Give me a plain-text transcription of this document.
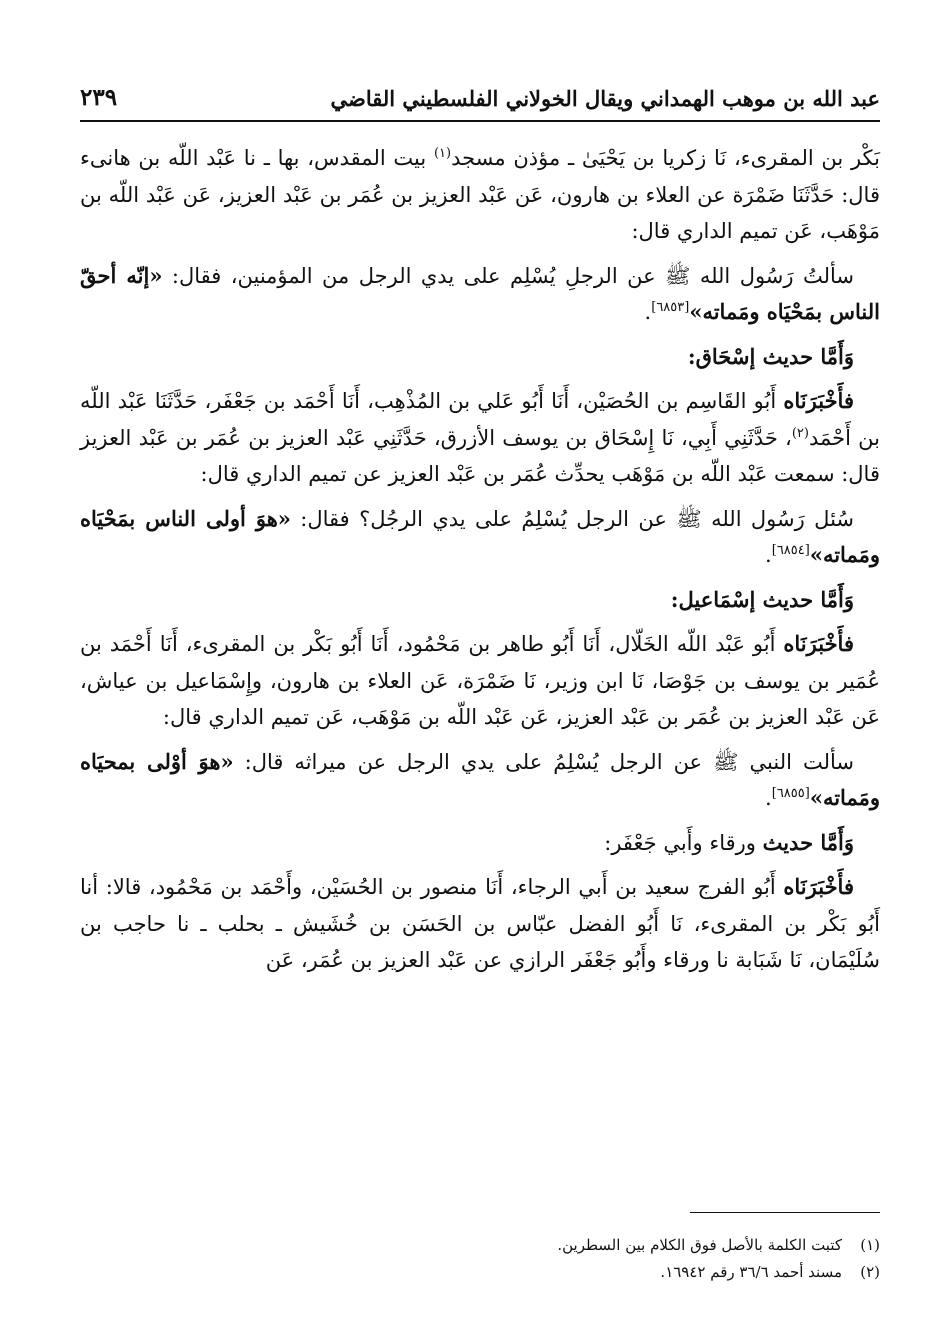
عبد الله بن موهب الهمداني ويقال الخولاني الفلسطيني القاضي
٢٣٩

بَكْر بن المقرىء، نَا زكريا بن يَحْيَىٰ ـ مؤذن مسجد$^{(١)}$ بيت المقدس، بها ـ نا عَبْد اللّه بن هانىء قال: حَدَّثَنَا ضَمْرَة عن العلاء بن هارون، عَن عَبْد العزيز بن عُمَر بن عَبْد العزيز، عَن عَبْد اللّه بن مَوْهَب، عَن تميم الداري قال:

سألتُ رَسُول الله ﷺ عن الرجلِ يُسْلِم على يدي الرجل من المؤمنين، فقال: «إنّه أحقّ الناس بمَحْيَاه ومَماته»[٦٨٥٣].

وَأَمَّا حديث إسْحَاق:

فأَخْبَرَنَاه أَبُو القَاسِم بن الحُصَيْن، أَنَا أَبُو عَلي بن المُذْهِب، أَنَا أَحْمَد بن جَعْفَر، حَدَّثَنَا عَبْد اللّه بن أَحْمَد$^{(٢)}$، حَدَّثَنِي أَبِي، نَا إِسْحَاق بن يوسف الأزرق، حَدَّثَنِي عَبْد العزيز بن عُمَر بن عَبْد العزيز قال: سمعت عَبْد اللّه بن مَوْهَب يحدِّث عُمَر بن عَبْد العزيز عن تميم الداري قال:

سُئل رَسُول الله ﷺ عن الرجل يُسْلِمُ على يدي الرجُل؟ فقال: «هوَ أولى الناس بمَحْيَاه ومَماته»[٦٨٥٤].

وَأَمَّا حديث إسْمَاعيل:

فأَخْبَرَنَاه أَبُو عَبْد اللّه الخَلّال، أَنَا أَبُو طاهر بن مَحْمُود، أَنَا أَبُو بَكْر بن المقرىء، أَنَا أَحْمَد بن عُمَير بن يوسف بن جَوْصَا، نَا ابن وزير، نَا ضَمْرَة، عَن العلاء بن هارون، وإِسْمَاعيل بن عياش، عَن عَبْد العزيز بن عُمَر بن عَبْد العزيز، عَن عَبْد اللّه بن مَوْهَب، عَن تميم الداري قال:

سألت النبي ﷺ عن الرجل يُسْلِمُ على يدي الرجل عن ميراثه قال: «هوَ أوْلى بمحيَاه ومَماته»[٦٨٥٥].

وَأَمَّا حديث ورقاء وأَبي جَعْفَر:

فأَخْبَرَنَاه أَبُو الفرج سعيد بن أَبي الرجاء، أَنَا منصور بن الحُسَيْن، وأَحْمَد بن مَحْمُود، قالا: أنا أَبُو بَكْر بن المقرىء، نَا أَبُو الفضل عبّاس بن الحَسَن بن خُشَيش ـ بحلب ـ نا حاجب بن سُلَيْمَان، نَا شَبَابة نا ورقاء وأَبُو جَعْفَر الرازي عن عَبْد العزيز بن عُمَر، عَن

(١)كتبت الكلمة بالأصل فوق الكلام بين السطرين.
(٢)مسند أحمد ٣٦/٦ رقم ١٦٩٤٢.
